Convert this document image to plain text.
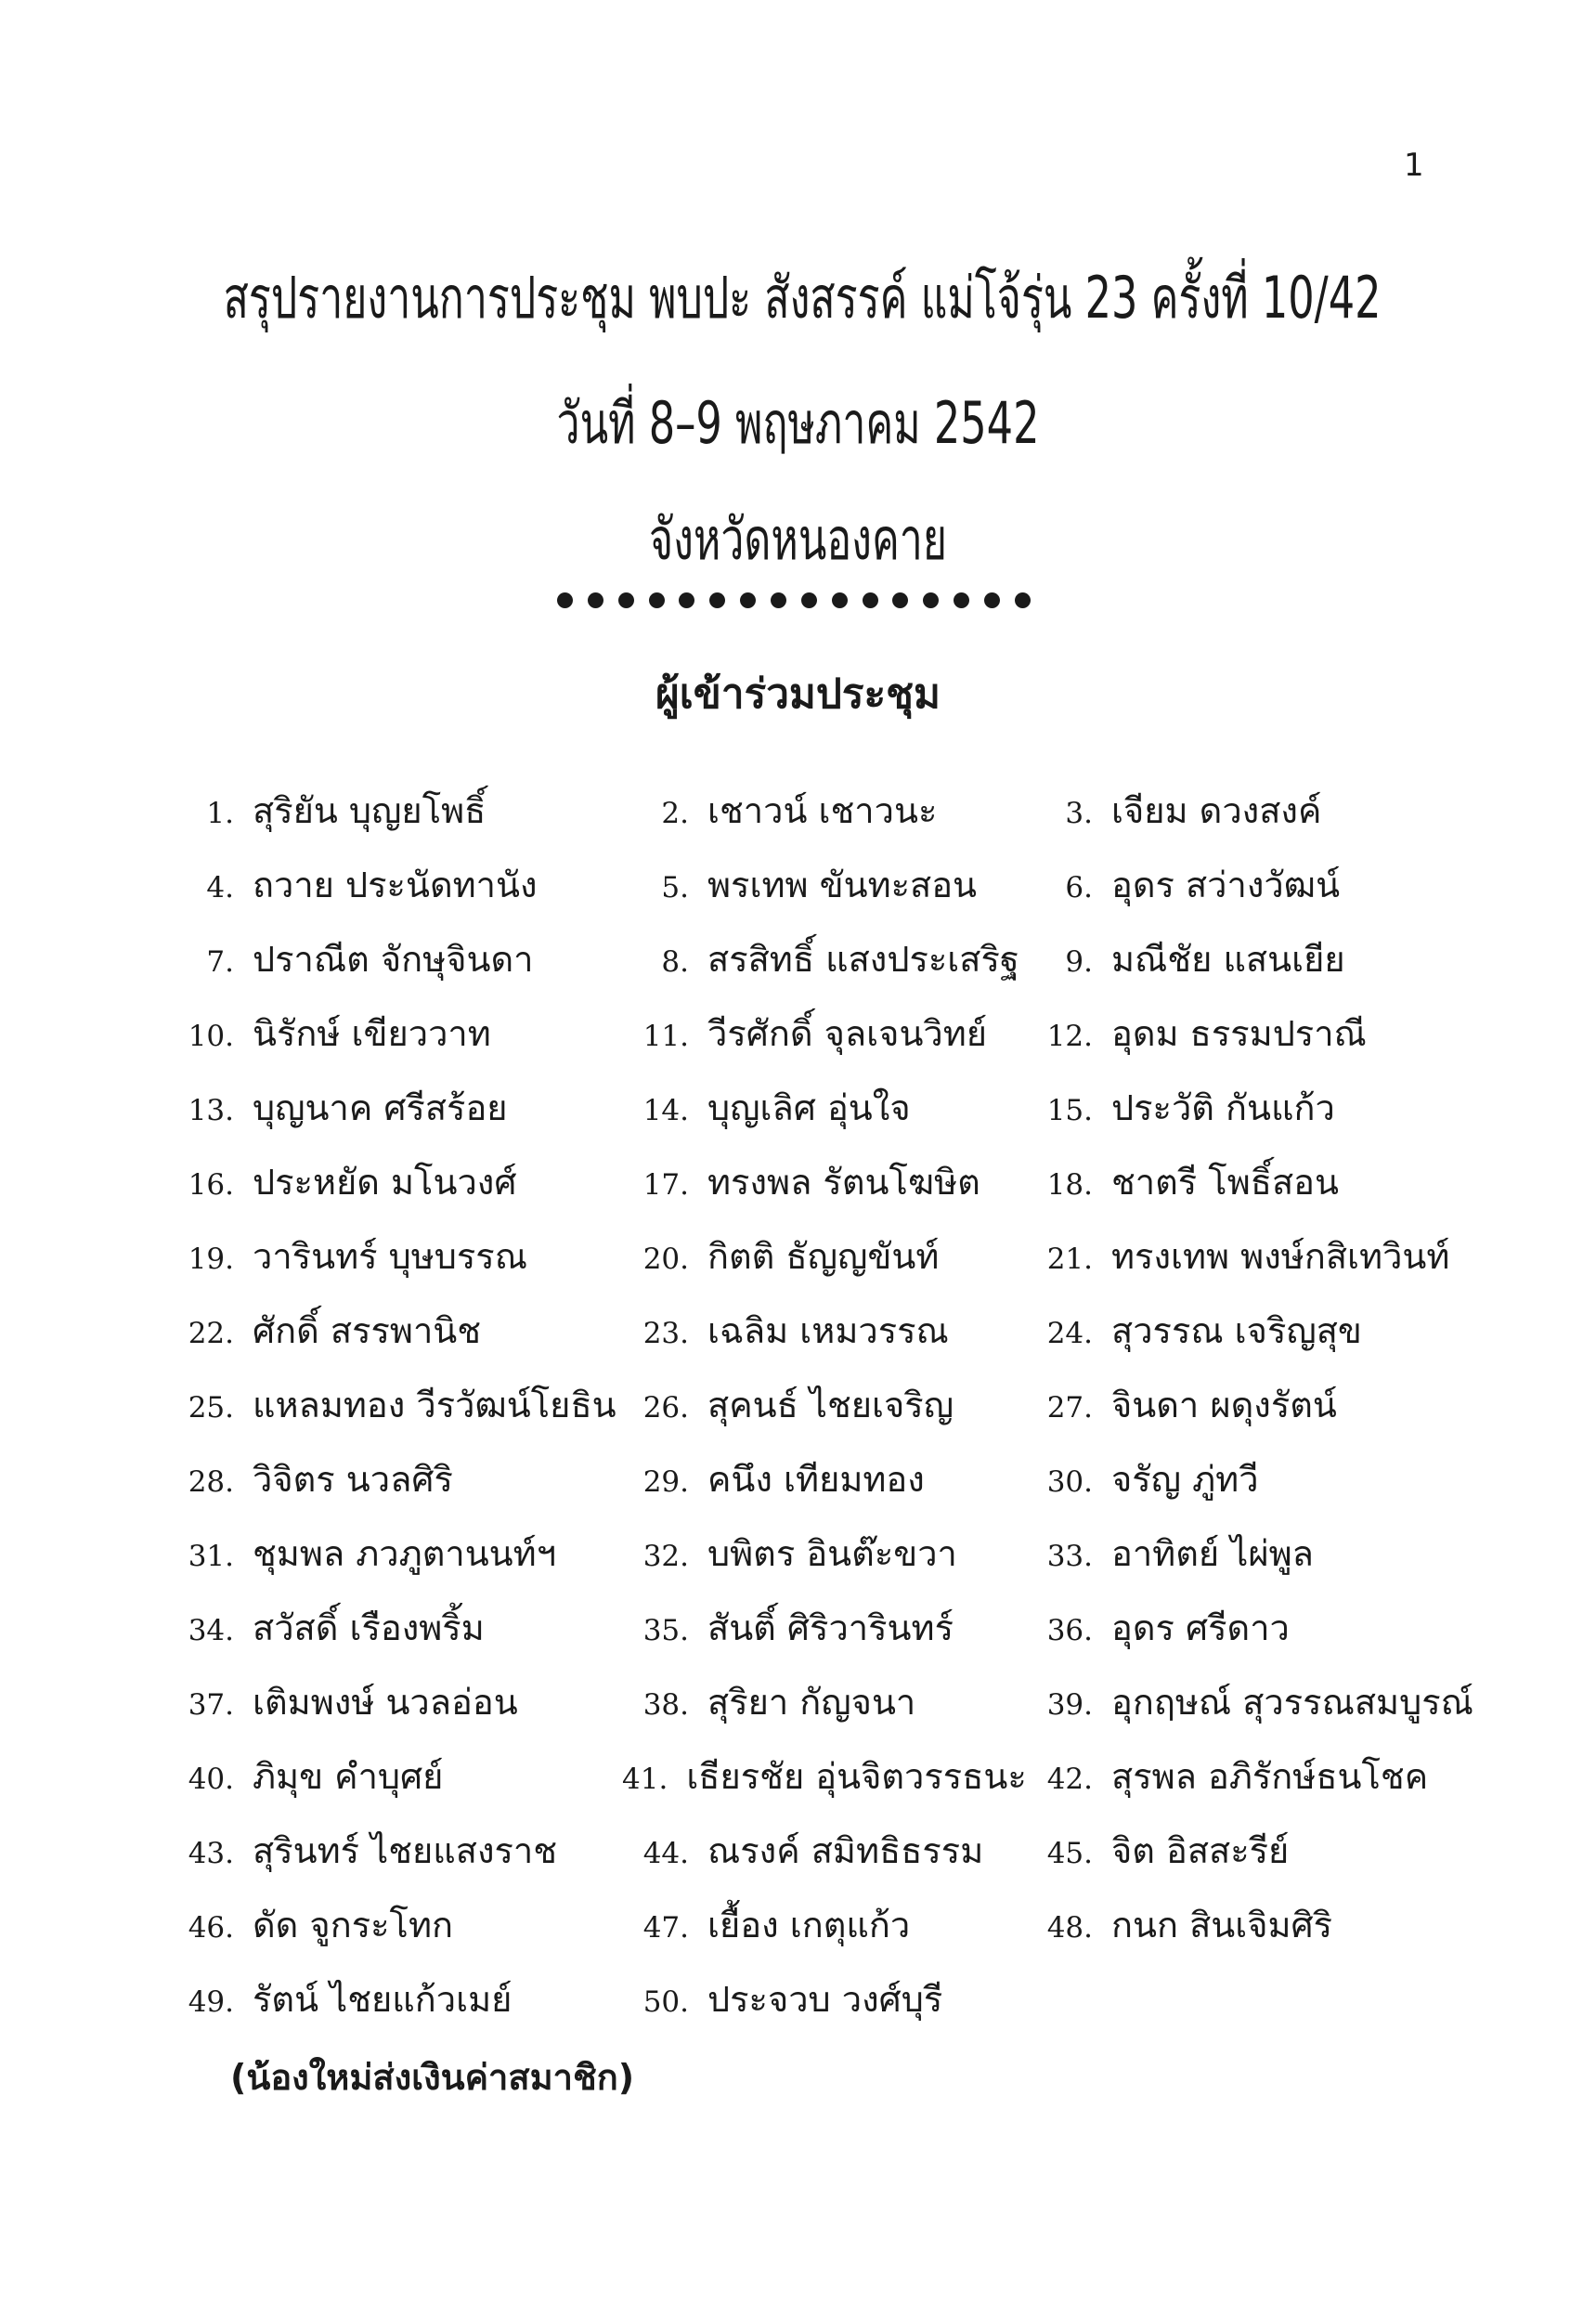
1
สรุปรายงานการประชุม พบปะ สังสรรค์ แม่โจ้รุ่น 23 ครั้งที่ 10/42
วันที่ 8–9 พฤษภาคม 2542
จังหวัดหนองคาย
ผู้เข้าร่วมประชุม
1. สุริยัน บุญยโพธิ์	2. เชาวน์ เชาวนะ	3. เจียม ดวงสงค์
4. ถวาย ประนัดทานัง	5. พรเทพ ขันทะสอน	6. อุดร สว่างวัฒน์
7. ปราณีต จักษุจินดา	8. สรสิทธิ์ แสงประเสริฐ	9. มณีชัย แสนเยีย
10. นิรักษ์ เขียววาท	11. วีรศักดิ์ จุลเจนวิทย์	12. อุดม ธรรมปราณี
13. บุญนาค ศรีสร้อย	14. บุญเลิศ อุ่นใจ	15. ประวัติ กันแก้ว
16. ประหยัด มโนวงศ์	17. ทรงพล รัตนโฆษิต	18. ชาตรี โพธิ์สอน
19. วารินทร์ บุษบรรณ	20. กิตติ ธัญญขันท์	21. ทรงเทพ พงษ์กสิเทวินท์
22. ศักดิ์ สรรพานิช	23. เฉลิม เหมวรรณ	24. สุวรรณ เจริญสุข
25. แหลมทอง วีรวัฒน์โยธิน 26. สุคนธ์ ไชยเจริญ	27. จินดา ผดุงรัตน์
28. วิจิตร นวลศิริ	29. คนึง เทียมทอง	30. จรัญ ภู่ทวี
31. ชุมพล ภวภูตานนท์ฯ	32. บพิตร อินต๊ะขวา	33. อาทิตย์ ไผ่พูล
34. สวัสดิ์ เรืองพริ้ม	35. สันติ์ ศิริวารินทร์	36. อุดร ศรีดาว
37. เติมพงษ์ นวลอ่อน	38. สุริยา กัญจนา	39. อุกฤษณ์ สุวรรณสมบูรณ์
40. ภิมุข คำบุศย์	41. เธียรชัย อุ่นจิตวรรธนะ 42. สุรพล อภิรักษ์ธนโชค
43. สุรินทร์ ไชยแสงราช	44. ณรงค์ สมิทธิธรรม	45. จิต อิสสะรีย์
46. ดัด จูกระโทก	47. เยื้อง เกตุแก้ว	48. กนก สินเจิมศิริ
49. รัตน์ ไชยแก้วเมย์	50. ประจวบ วงศ์บุรี
(น้องใหม่ส่งเงินค่าสมาชิก)
